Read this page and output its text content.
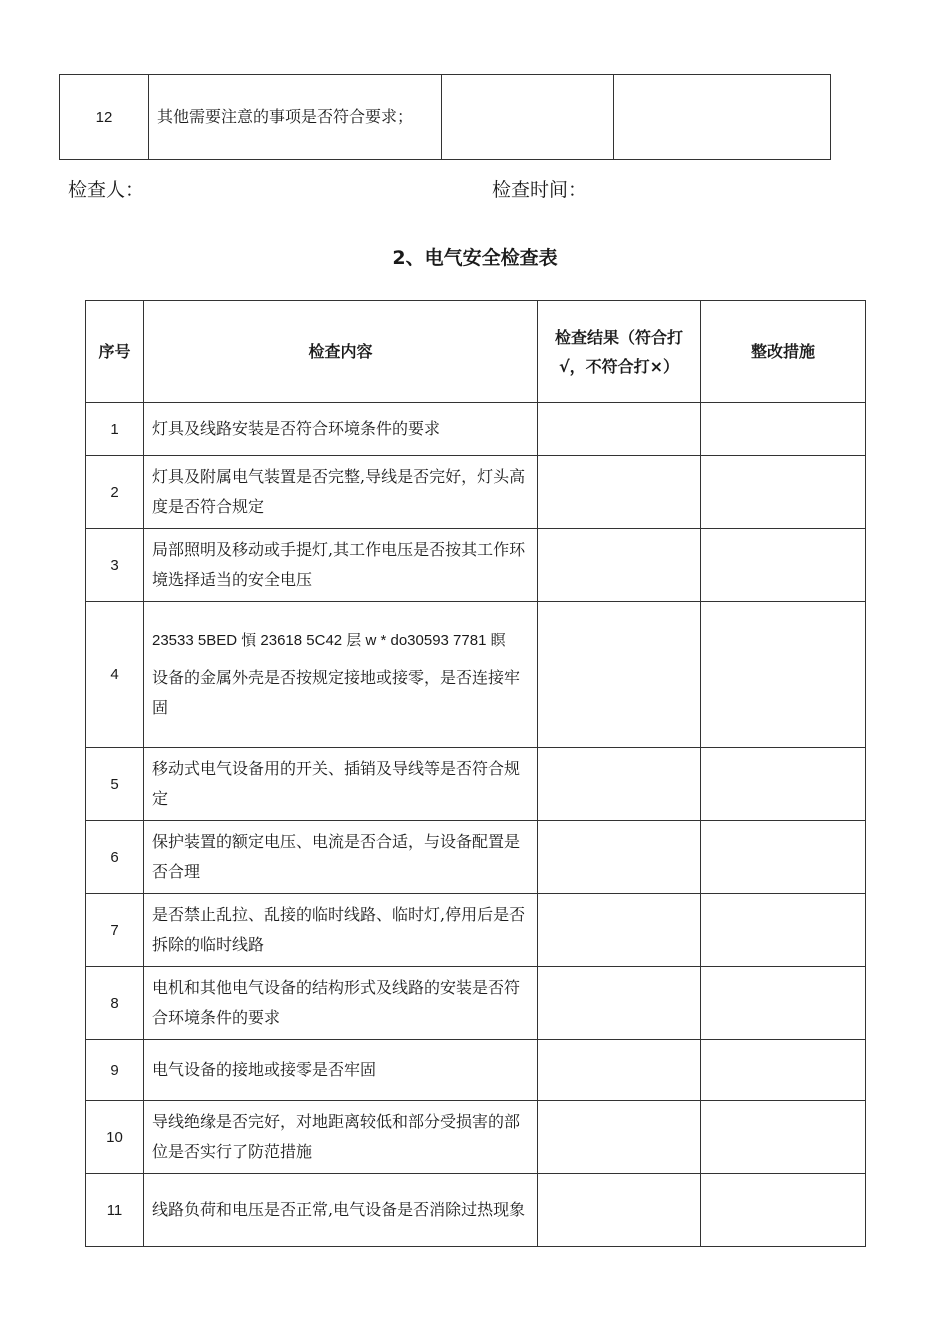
12	其他需要注意的事项是否符合要求；		
检查人：	检查时间：
2、电气安全检查表
序号	检查内容	检查结果（符合打√，不符合打×）	整改措施
1	灯具及线路安装是否符合环境条件的要求		
2	灯具及附属电气装置是否完整,导线是否完好，灯头高度是否符合规定		
3	局部照明及移动或手提灯,其工作电压是否按其工作环境选择适当的安全电压		
4	23533 5BED 㥧 23618 5C42 层 w * do30593 7781 瞑
设备的金属外壳是否按规定接地或接零，是否连接牢固		

5	移动式电气设备用的开关、插销及导线等是否符合规定		
6	保护装置的额定电压、电流是否合适，与设备配置是否合理		
7	是否禁止乱拉、乱接的临时线路、临时灯,停用后是否拆除的临时线路		
8	电机和其他电气设备的结构形式及线路的安装是否符合环境条件的要求		
9	电气设备的接地或接零是否牢固		
10	导线绝缘是否完好，对地距离较低和部分受损害的部位是否实行了防范措施		
11	线路负荷和电压是否正常,电气设备是否消除过热现象		
